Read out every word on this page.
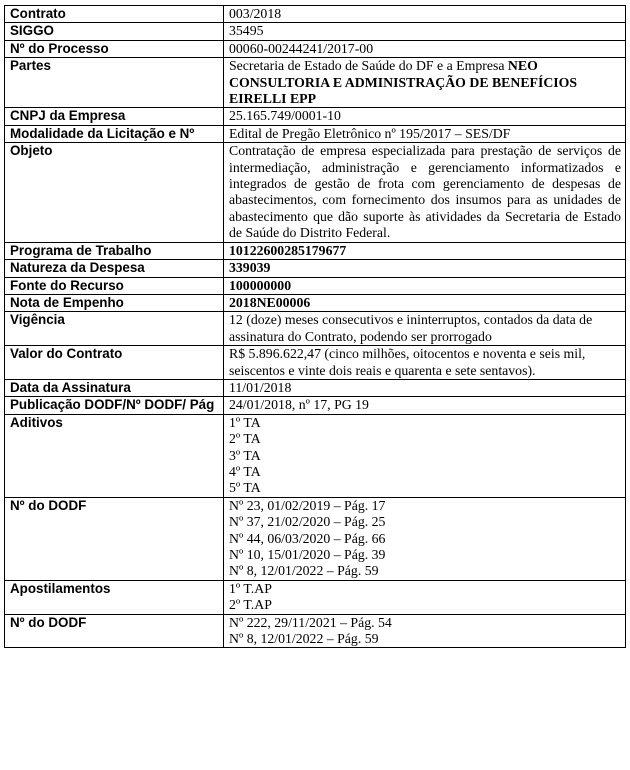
Contrato	003/2018
SIGGO	35495
Nº do Processo	00060-00244241/2017-00
Partes	Secretaria de Estado de Saúde do DF e a Empresa NEO CONSULTORIA E ADMINISTRAÇÃO DE BENEFÍCIOS EIRELLI EPP
CNPJ da Empresa	25.165.749/0001-10
Modalidade da Licitação e Nº	Edital de Pregão Eletrônico nº 195/2017 – SES/DF
Objeto	Contratação de empresa especializada para prestação de serviços de intermediação, administração e gerenciamento informatizados e integrados de gestão de frota com gerenciamento de despesas de abastecimentos, com fornecimento dos insumos para as unidades de abastecimento que dão suporte às atividades da Secretaria de Estado de Saúde do Distrito Federal.
Programa de Trabalho	10122600285179677
Natureza da Despesa	339039
Fonte do Recurso	100000000
Nota de Empenho	2018NE00006
Vigência	12 (doze) meses consecutivos e ininterruptos, contados da data de assinatura do Contrato, podendo ser prorrogado
Valor do Contrato	R$ 5.896.622,47 (cinco milhões, oitocentos e noventa e seis mil, seiscentos e vinte dois reais e quarenta e sete sentavos).
Data da Assinatura	11/01/2018
Publicação DODF/Nº DODF/ Pág	24/01/2018, nº 17, PG 19
Aditivos	1º TA
2º TA
3º TA
4º TA
5º TA

Nº do DODF	Nº 23, 01/02/2019 – Pág. 17
Nº 37, 21/02/2020 – Pág. 25
Nº 44, 06/03/2020 – Pág. 66
Nº 10, 15/01/2020 – Pág. 39
Nº 8, 12/01/2022 – Pág. 59

Apostilamentos	1º T.AP
2º T.AP

Nº do DODF	Nº 222, 29/11/2021 – Pág. 54
Nº 8, 12/01/2022 – Pág. 59
